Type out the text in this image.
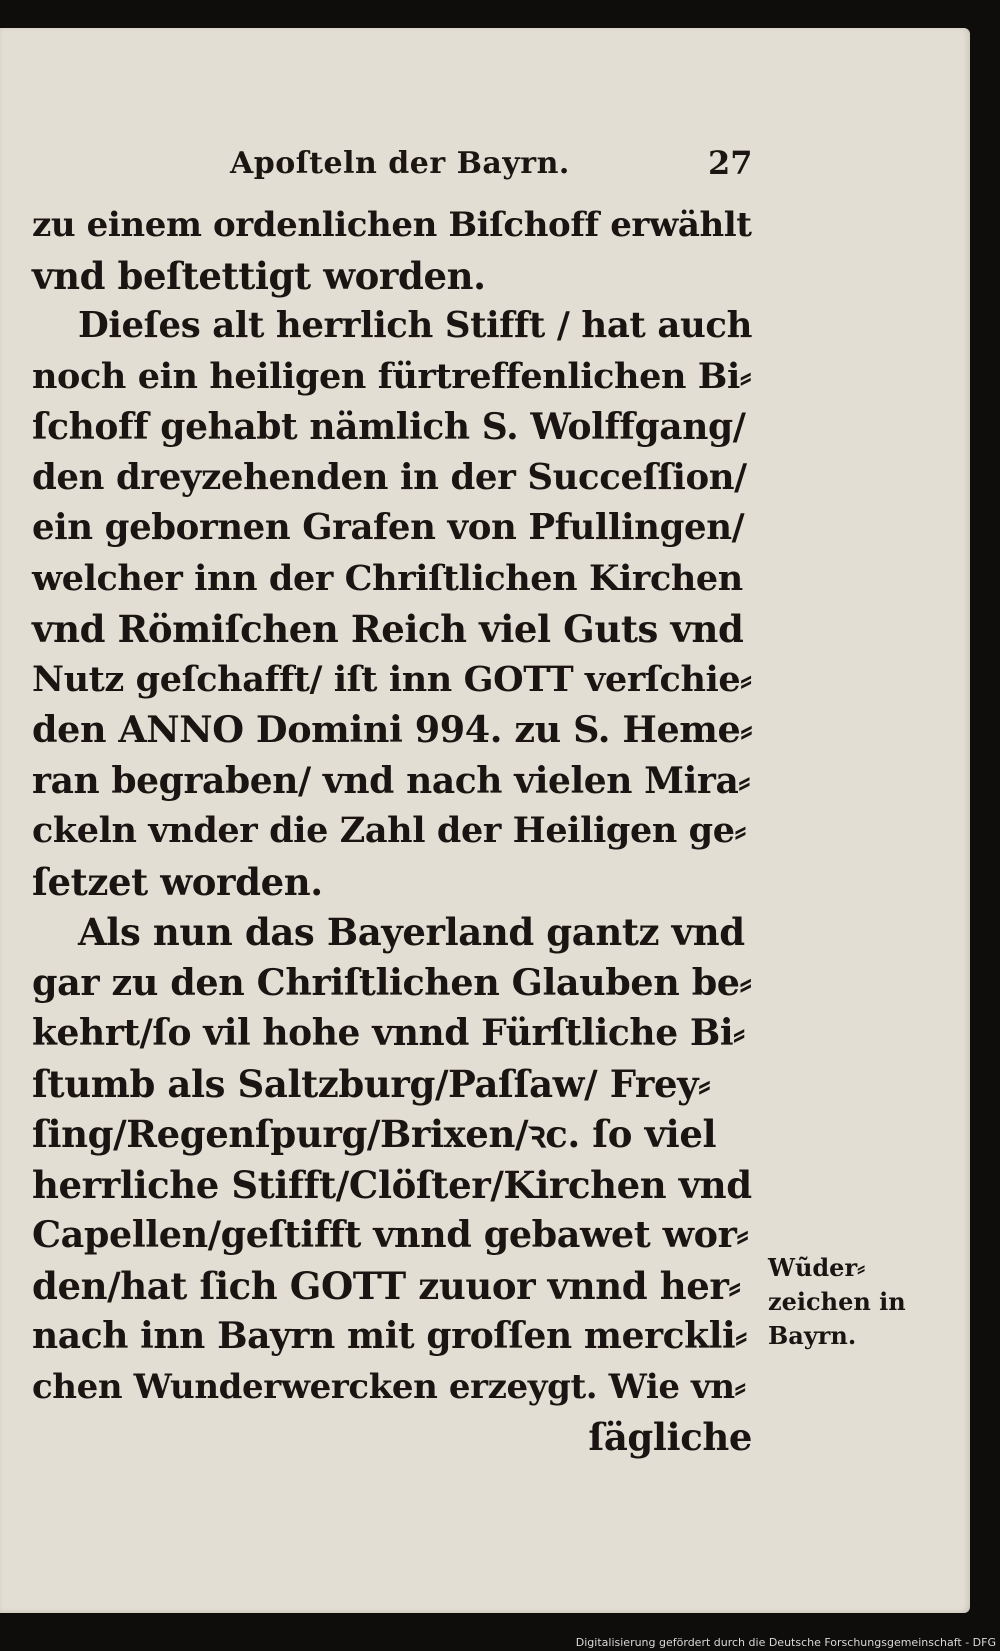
Apoſteln der Bayrn.	27
zu einem ordenlichen Biſchoff erwählt
vnd beſtettigt worden.
Dieſes alt herrlich Stifft / hat auch
noch ein heiligen fürtreffenlichen Bi⸗
ſchoff gehabt nämlich S. Wolffgang/
den dreyzehenden in der Succeſſion/
ein gebornen Grafen von Pfullingen/
welcher inn der Chriſtlichen Kirchen
vnd Römiſchen Reich viel Guts vnd
Nutz geſchafft/ iſt inn GOTT verſchie⸗
den ANNO Domini 994. zu S. Heme⸗
ran begraben/ vnd nach vielen Mira⸗
ckeln vnder die Zahl der Heiligen ge⸗
ſetzet worden.
Als nun das Bayerland gantz vnd
gar zu den Chriſtlichen Glauben be⸗
kehrt/ſo vil hohe vnnd Fürſtliche Bi⸗
ſtumb als Saltzburg/Paſſaw/ Frey⸗
ſing/Regenſpurg/Brixen/ꝛc. ſo viel
herrliche Stifft/Clöſter/Kirchen vnd
Capellen/geſtifft vnnd gebawet wor⸗
den/hat ſich GOTT zuuor vnnd her⸗
nach inn Bayrn mit groſſen merckli⸗
chen Wunderwercken erzeygt. Wie vn⸗
ſägliche
Wũder⸗
zeichen in
Bayrn.
Digitalisierung gefördert durch die Deutsche Forschungsgemeinschaft - DFG
